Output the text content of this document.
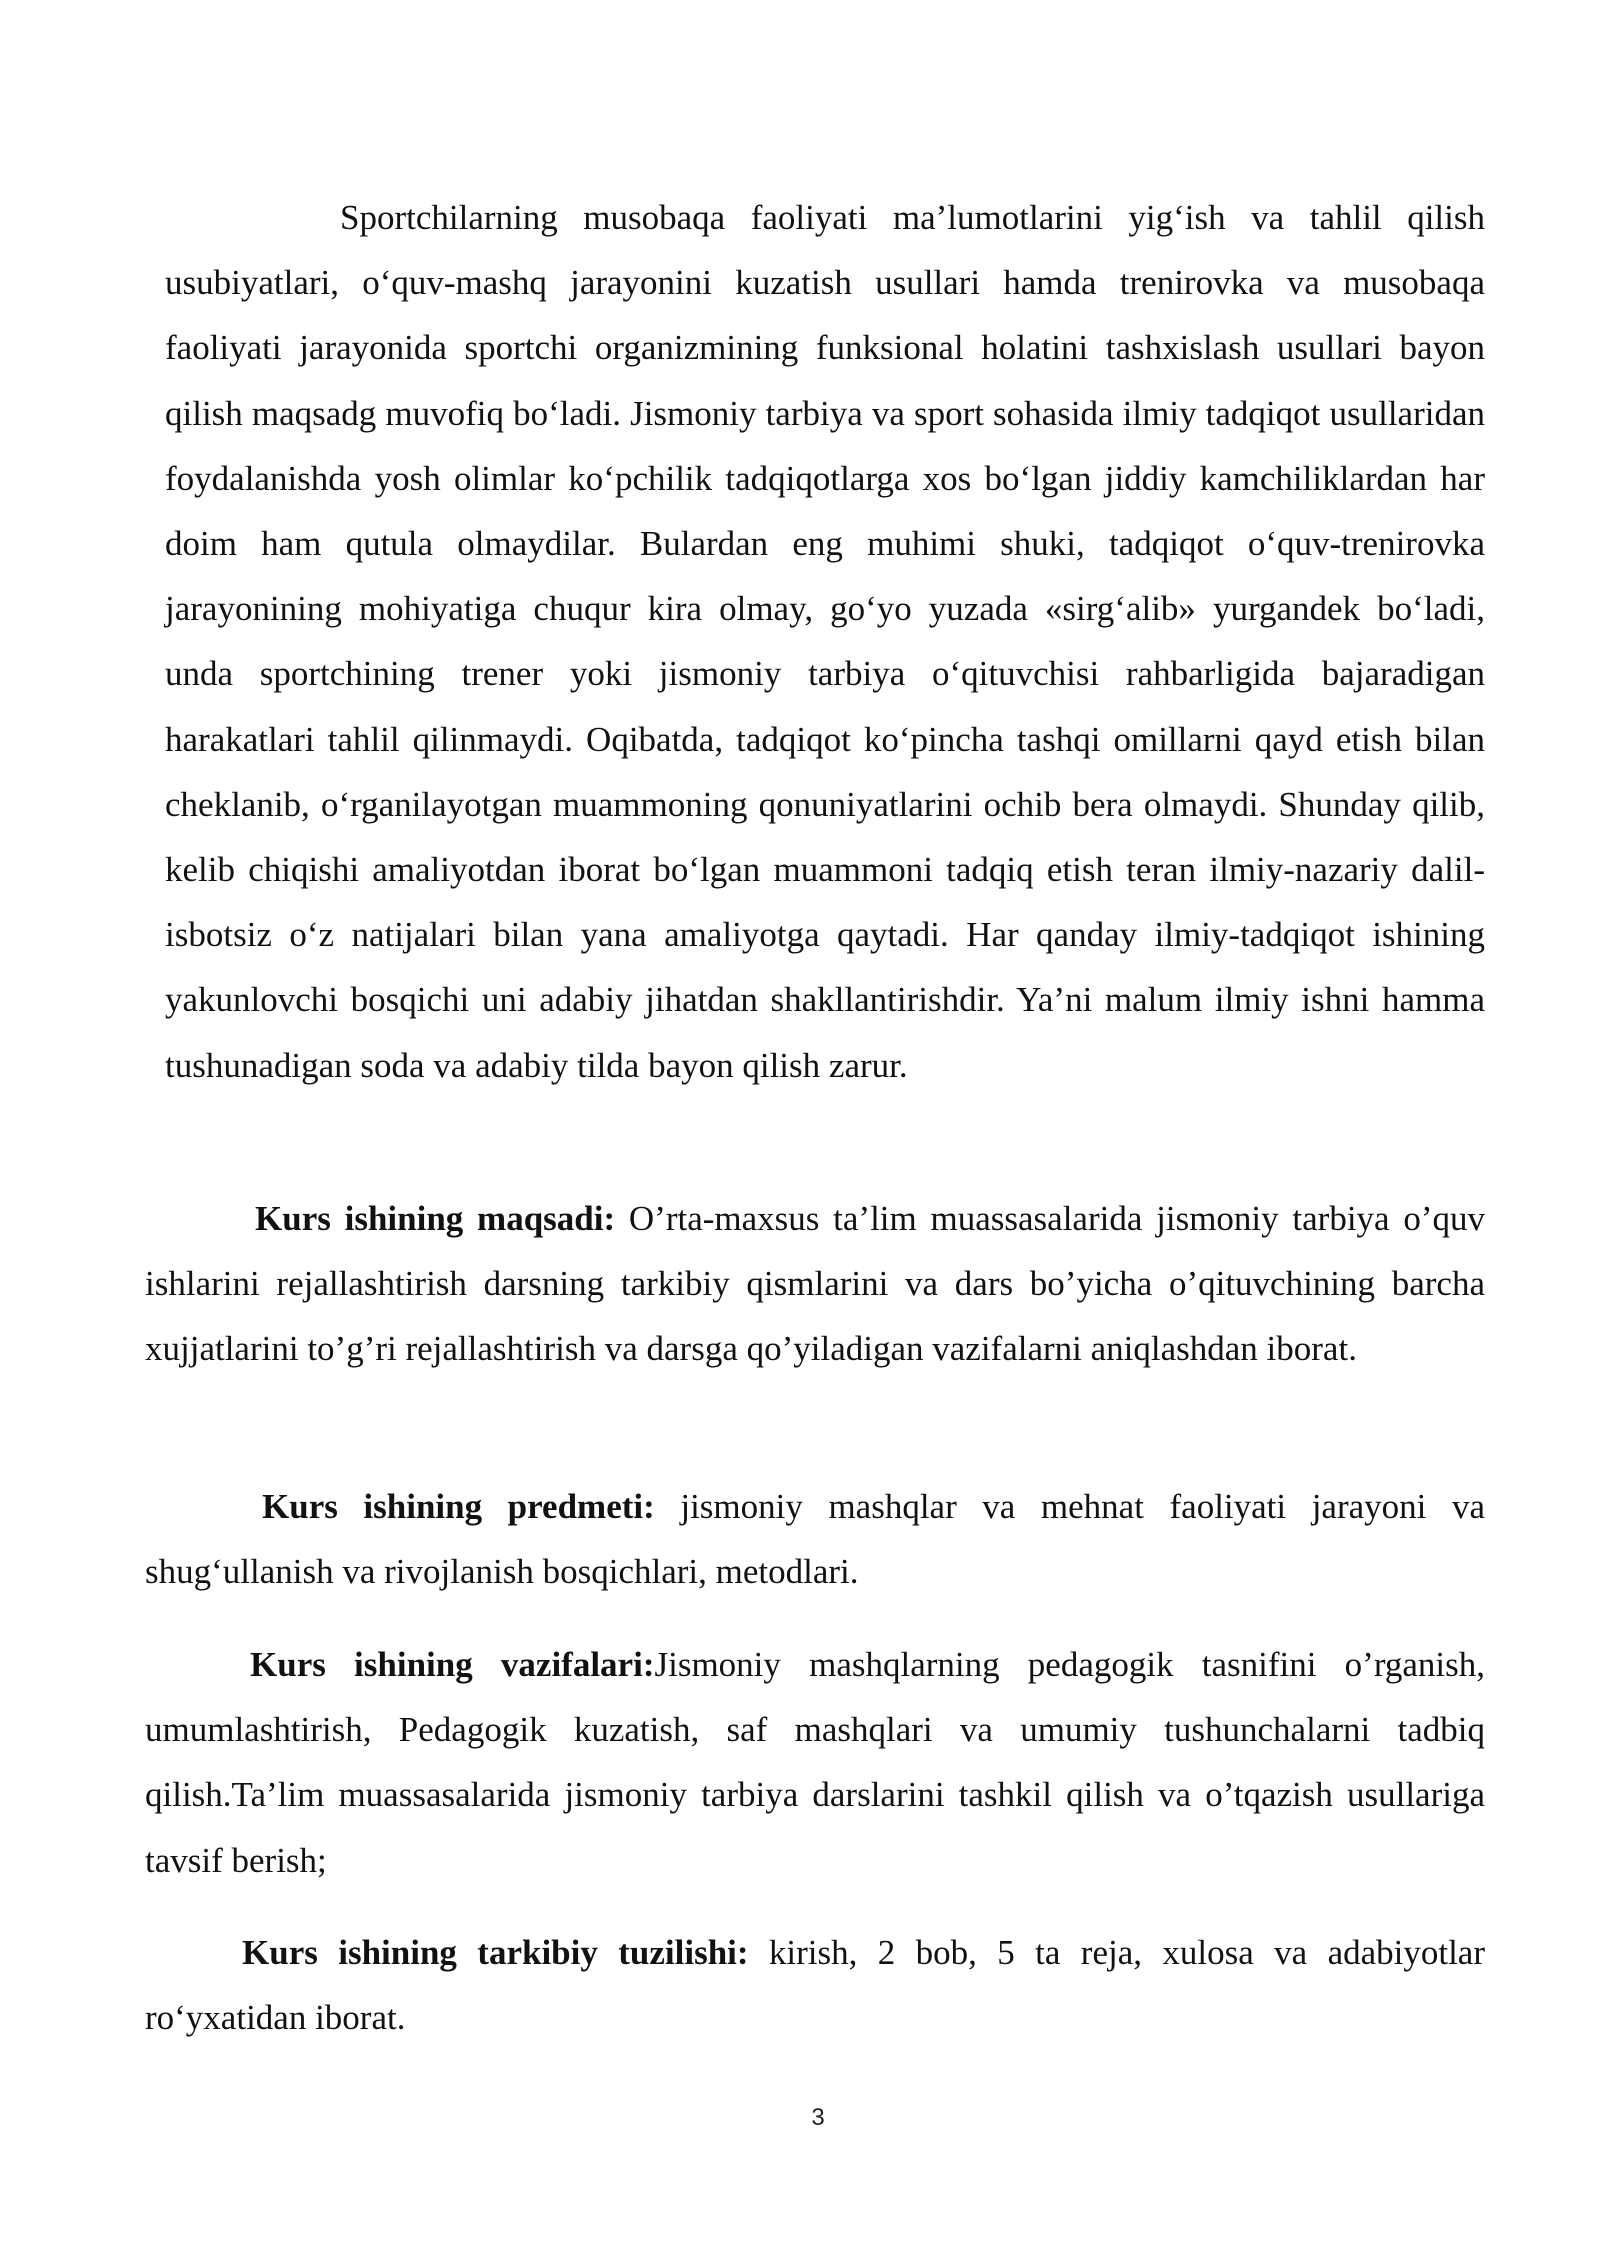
Sportchilarning musobaqa faoliyati ma’lumotlarini yig‘ish va tahlil qilish usubiyatlari, o‘quv-mashq jarayonini kuzatish usullari hamda trenirovka va musobaqa faoliyati jarayonida sportchi organizmining funksional holatini tashxislash usullari bayon qilish maqsadg muvofiq bo‘ladi. Jismoniy tarbiya va sport sohasida ilmiy tadqiqot usullaridan foydalanishda yosh olimlar ko‘pchilik tadqiqotlarga xos bo‘lgan jiddiy kamchiliklardan har doim ham qutula olmaydilar. Bulardan eng muhimi shuki, tadqiqot o‘quv-trenirovka jarayonining mohiyatiga chuqur kira olmay, go‘yo yuzada «sirg‘alib» yurgandek bo‘ladi, unda sportchining trener yoki jismoniy tarbiya o‘qituvchisi rahbarligida bajaradigan harakatlari tahlil qilinmaydi. Oqibatda, tadqiqot ko‘pincha tashqi omillarni qayd etish bilan cheklanib, o‘rganilayotgan muammoning qonuniyatlarini ochib bera olmaydi. Shunday qilib, kelib chiqishi amaliyotdan iborat bo‘lgan muammoni tadqiq etish teran ilmiy-nazariy dalil-isbotsiz o‘z natijalari bilan yana amaliyotga qaytadi. Har qanday ilmiy-tadqiqot ishining yakunlovchi bosqichi uni adabiy jihatdan shakllantirishdir. Ya’ni malum ilmiy ishni hamma tushunadigan soda va adabiy tilda bayon qilish zarur.

Kurs ishining maqsadi: O’rta-maxsus ta’lim muassasalarida jismoniy tarbiya o’quv ishlarini rejallashtirish darsning tarkibiy qismlarini va dars bo’yicha o’qituvchining barcha xujjatlarini to’g’ri rejallashtirish va darsga qo’yiladigan vazifalarni aniqlashdan iborat.

Kurs ishining predmeti: jismoniy mashqlar va mehnat faoliyati jarayoni va shug‘ullanish va rivojlanish bosqichlari, metodlari.

Kurs ishining vazifalari:Jismoniy mashqlarning pedagogik tasnifini o’rganish, umumlashtirish, Pedagogik kuzatish, saf mashqlari va umumiy tushunchalarni tadbiq qilish.Ta’lim muassasalarida jismoniy tarbiya darslarini tashkil qilish va o’tqazish usullariga tavsif berish;

Kurs ishining tarkibiy tuzilishi: kirish, 2 bob, 5 ta reja, xulosa va adabiyotlar ro‘yxatidan iborat.

3
